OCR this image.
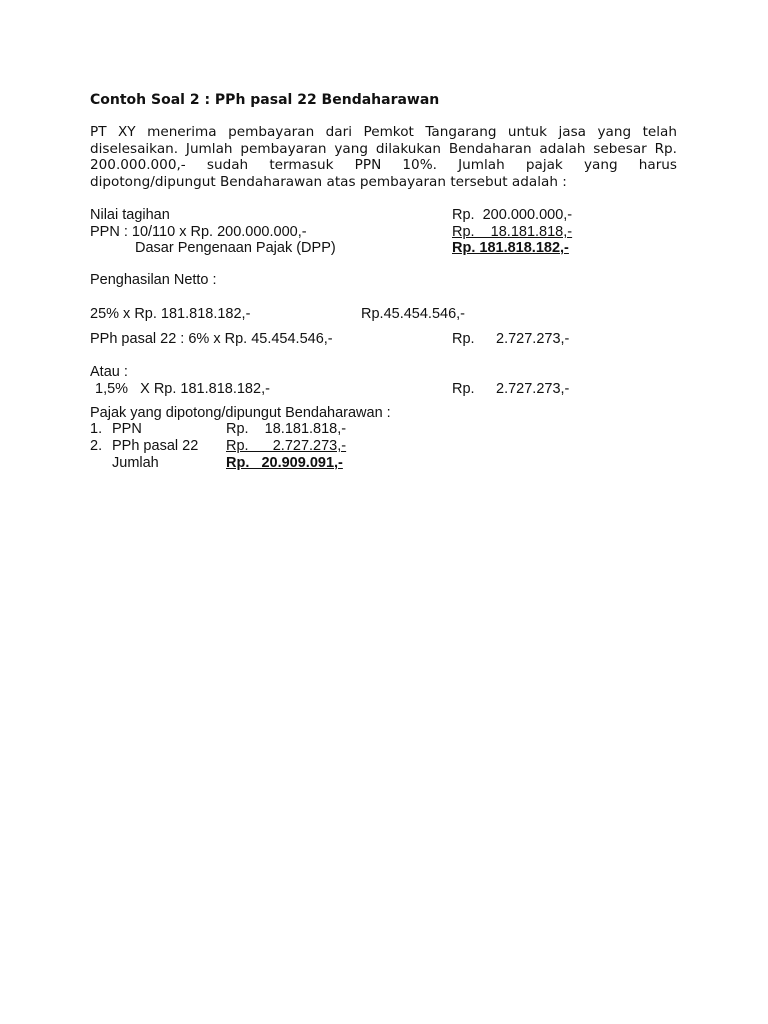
Contoh Soal 2 : PPh pasal 22 Bendaharawan
PT XY menerima pembayaran dari Pemkot Tangarang untuk jasa yang telah
diselesaikan. Jumlah pembayaran yang dilakukan Bendaharan adalah sebesar Rp.
200.000.000,- sudah termasuk PPN 10%. Jumlah pajak yang harus
dipotong/dipungut Bendaharawan atas pembayaran tersebut adalah :
Nilai tagihan	Rp.  200.000.000,-
PPN : 10/110 x Rp. 200.000.000,-	Rp.    18.181.818,-
Dasar Pengenaan Pajak (DPP)	Rp. 181.818.182,-
Penghasilan Netto :
25% x Rp. 181.818.182,-	Rp.45.454.546,-
PPh pasal 22 : 6% x Rp. 45.454.546,-	Rp. 2.727.273,-
Atau :
1,5%   X Rp. 181.818.182,-	Rp. 2.727.273,-
Pajak yang dipotong/dipungut Bendaharawan :
1. PPN	Rp.    18.181.818,-
2. PPh pasal 22 Rp.      2.727.273,-
Jumlah	Rp.   20.909.091,-
